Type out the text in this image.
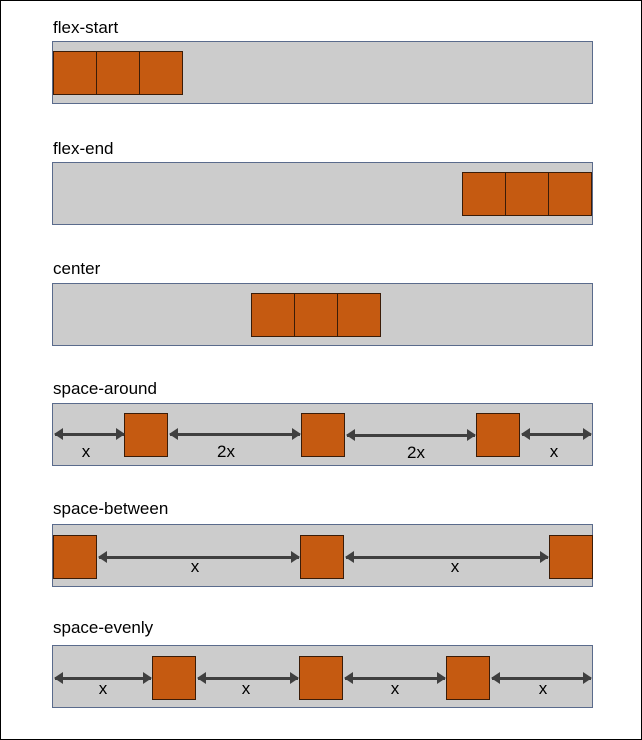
flex-start
flex-end
center
space-around
x	2x	2x	x
space-between
x	x
space-evenly
x	x	x	x
